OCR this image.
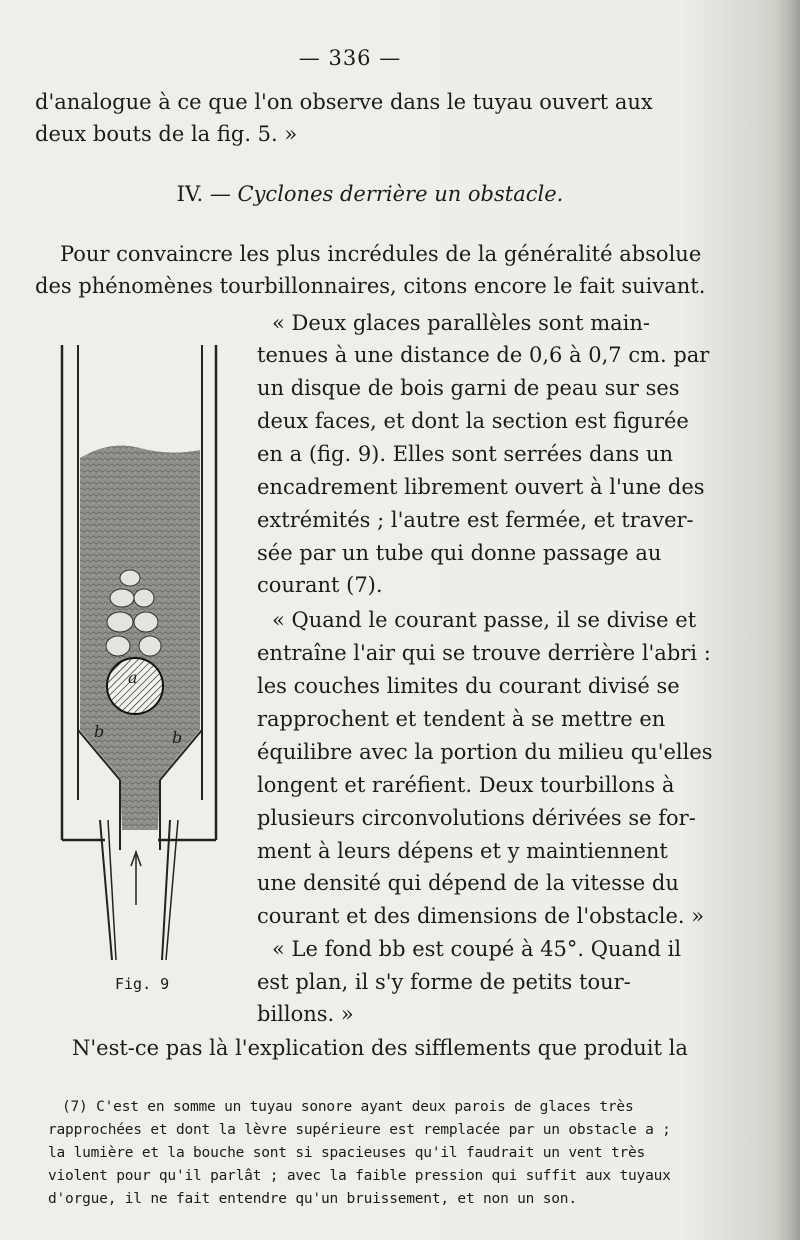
— 336 —
d'analogue à ce que l'on observe dans le tuyau ouvert aux
deux bouts de la fig. 5. »
IV. — Cyclones derrière un obstacle.
Pour convaincre les plus incrédules de la généralité absolue
des phénomènes tourbillonnaires, citons encore le fait suivant.
« Deux glaces parallèles sont main-
tenues à une distance de 0,6 à 0,7 cm. par
un disque de bois garni de peau sur ses
deux faces, et dont la section est figurée
en a (fig. 9). Elles sont serrées dans un
encadrement librement ouvert à l'une des
extrémités ; l'autre est fermée, et traver-
sée par un tube qui donne passage au
courant (7).
« Quand le courant passe, il se divise et
entraîne l'air qui se trouve derrière l'abri :
les couches limites du courant divisé se
rapprochent et tendent à se mettre en
équilibre avec la portion du milieu qu'elles
longent et raréfient. Deux tourbillons à
plusieurs circonvolutions dérivées se for-
ment à leurs dépens et y maintiennent
une densité qui dépend de la vitesse du
courant et des dimensions de l'obstacle. »
« Le fond bb est coupé à 45°. Quand il
est plan, il s'y forme de petits tour-
billons. »
N'est-ce pas là l'explication des sifflements que produit la
a
b	b
Fig. 9
(7) C'est en somme un tuyau sonore ayant deux parois de glaces très
rapprochées et dont la lèvre supérieure est remplacée par un obstacle a ;
la lumière et la bouche sont si spacieuses qu'il faudrait un vent très
violent pour qu'il parlât ; avec la faible pression qui suffit aux tuyaux
d'orgue, il ne fait entendre qu'un bruissement, et non un son.
